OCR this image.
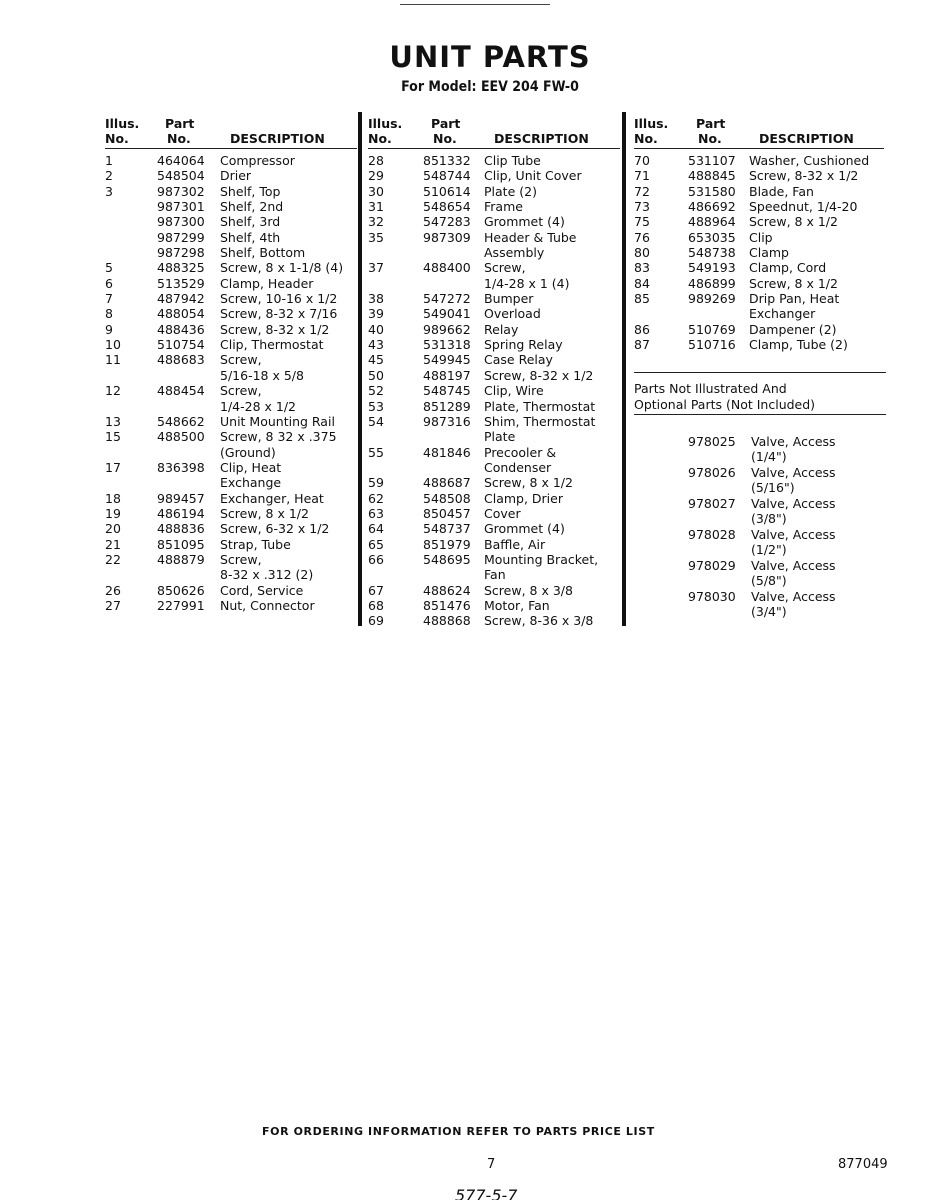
UNIT PARTS
For Model: EEV 204 FW-0
Illus.
No.
Part
No.	DESCRIPTION
1	464064 Compressor
2	548504 Drier
3	987302 Shelf, Top
987301 Shelf, 2nd
987300 Shelf, 3rd
987299 Shelf, 4th
987298 Shelf, Bottom
5	488325 Screw, 8 x 1-1/8 (4)
6	513529 Clamp, Header
7	487942 Screw, 10-16 x 1/2
8	488054 Screw, 8-32 x 7/16
9	488436 Screw, 8-32 x 1/2
10	510754 Clip, Thermostat
11	488683 Screw,
5/16-18 x 5/8
12	488454 Screw,
1/4-28 x 1/2
13	548662 Unit Mounting Rail
15	488500 Screw, 8 32 x .375
(Ground)
17	836398 Clip, Heat
Exchange
18	989457 Exchanger, Heat
19	486194 Screw, 8 x 1/2
20	488836 Screw, 6-32 x 1/2
21	851095 Strap, Tube
22	488879 Screw,
8-32 x .312 (2)
26	850626 Cord, Service
27	227991 Nut, Connector
Illus.
No.
Part
No.	DESCRIPTION
28	851332 Clip Tube
29	548744 Clip, Unit Cover
30	510614 Plate (2)
31	548654 Frame
32	547283 Grommet (4)
35	987309 Header & Tube
Assembly
37	488400 Screw,
1/4-28 x 1 (4)
38	547272 Bumper
39	549041 Overload
40	989662 Relay
43	531318 Spring Relay
45	549945 Case Relay
50	488197 Screw, 8-32 x 1/2
52	548745 Clip, Wire
53	851289 Plate, Thermostat
54	987316 Shim, Thermostat
Plate
55	481846 Precooler &
Condenser
59	488687 Screw, 8 x 1/2
62	548508 Clamp, Drier
63	850457 Cover
64	548737 Grommet (4)
65	851979 Baffle, Air
66	548695 Mounting Bracket,
Fan
67	488624 Screw, 8 x 3/8
68	851476 Motor, Fan
69	488868 Screw, 8-36 x 3/8
Illus.
No.
Part
No.	DESCRIPTION
70	531107 Washer, Cushioned
71	488845 Screw, 8-32 x 1/2
72	531580 Blade, Fan
73	486692 Speednut, 1/4-20
75	488964 Screw, 8 x 1/2
76	653035 Clip
80	548738 Clamp
83	549193 Clamp, Cord
84	486899 Screw, 8 x 1/2
85	989269 Drip Pan, Heat
Exchanger
86	510769 Dampener (2)
87	510716 Clamp, Tube (2)
Parts Not Illustrated And
Optional Parts (Not Included)
978025 Valve, Access
(1/4")
978026 Valve, Access
(5/16")
978027 Valve, Access
(3/8")
978028 Valve, Access
(1/2")
978029 Valve, Access
(5/8")
978030 Valve, Access
(3/4")
FOR ORDERING INFORMATION REFER TO PARTS PRICE LIST
7	877049
577-5-7
